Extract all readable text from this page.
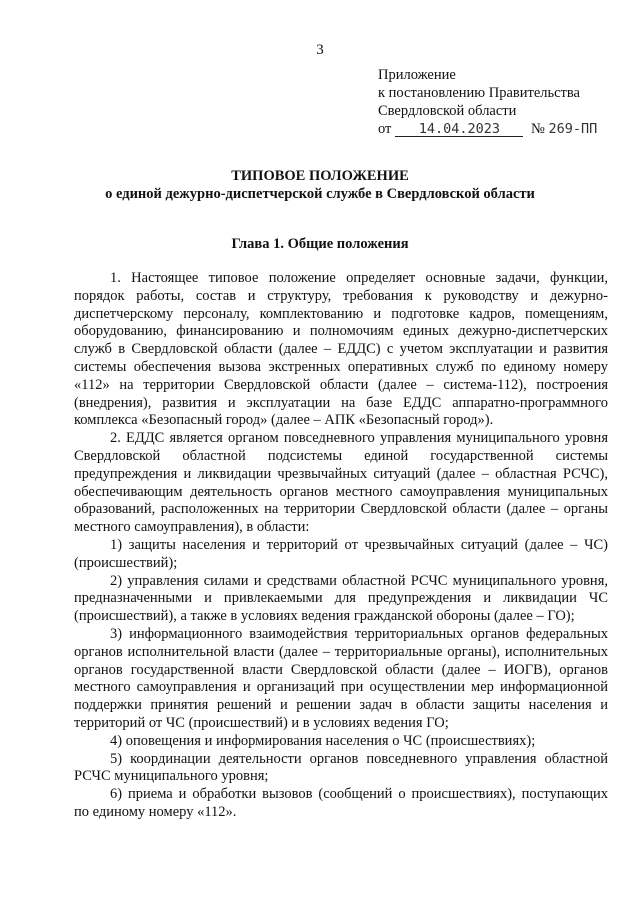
3
Приложение
к постановлению Правительства
Свердловской области
от 14.04.2023 № 269-ПП
ТИПОВОЕ ПОЛОЖЕНИЕ
о единой дежурно-диспетчерской службе в Свердловской области
Глава 1. Общие положения

1. Настоящее типовое положение определяет основные задачи, функции, порядок работы, состав и структуру, требования к руководству и дежурно-диспетчерскому персоналу, комплектованию и подготовке кадров, помещениям, оборудованию, финансированию и полномочиям единых дежурно-диспетчерских служб в Свердловской области (далее – ЕДДС) с учетом эксплуатации и развития системы обеспечения вызова экстренных оперативных служб по единому номеру «112» на территории Свердловской области (далее – система-112), построения (внедрения), развития и эксплуатации на базе ЕДДС аппаратно-программного комплекса «Безопасный город» (далее – АПК «Безопасный город»).

2. ЕДДС является органом повседневного управления муниципального уровня Свердловской областной подсистемы единой государственной системы предупреждения и ликвидации чрезвычайных ситуаций (далее – областная РСЧС), обеспечивающим деятельность органов местного самоуправления муниципальных образований, расположенных на территории Свердловской области (далее – органы местного самоуправления), в области:

1) защиты населения и территорий от чрезвычайных ситуаций (далее – ЧС) (происшествий);

2) управления силами и средствами областной РСЧС муниципального уровня, предназначенными и привлекаемыми для предупреждения и ликвидации ЧС (происшествий), а также в условиях ведения гражданской обороны (далее – ГО);

3) информационного взаимодействия территориальных органов федеральных органов исполнительной власти (далее – территориальные органы), исполнительных органов государственной власти Свердловской области (далее – ИОГВ), органов местного самоуправления и организаций при осуществлении мер информационной поддержки принятия решений и решении задач в области защиты населения и территорий от ЧС (происшествий) и в условиях ведения ГО;

4) оповещения и информирования населения о ЧС (происшествиях);

5) координации деятельности органов повседневного управления областной РСЧС муниципального уровня;

6) приема и обработки вызовов (сообщений о происшествиях), поступающих по единому номеру «112».
